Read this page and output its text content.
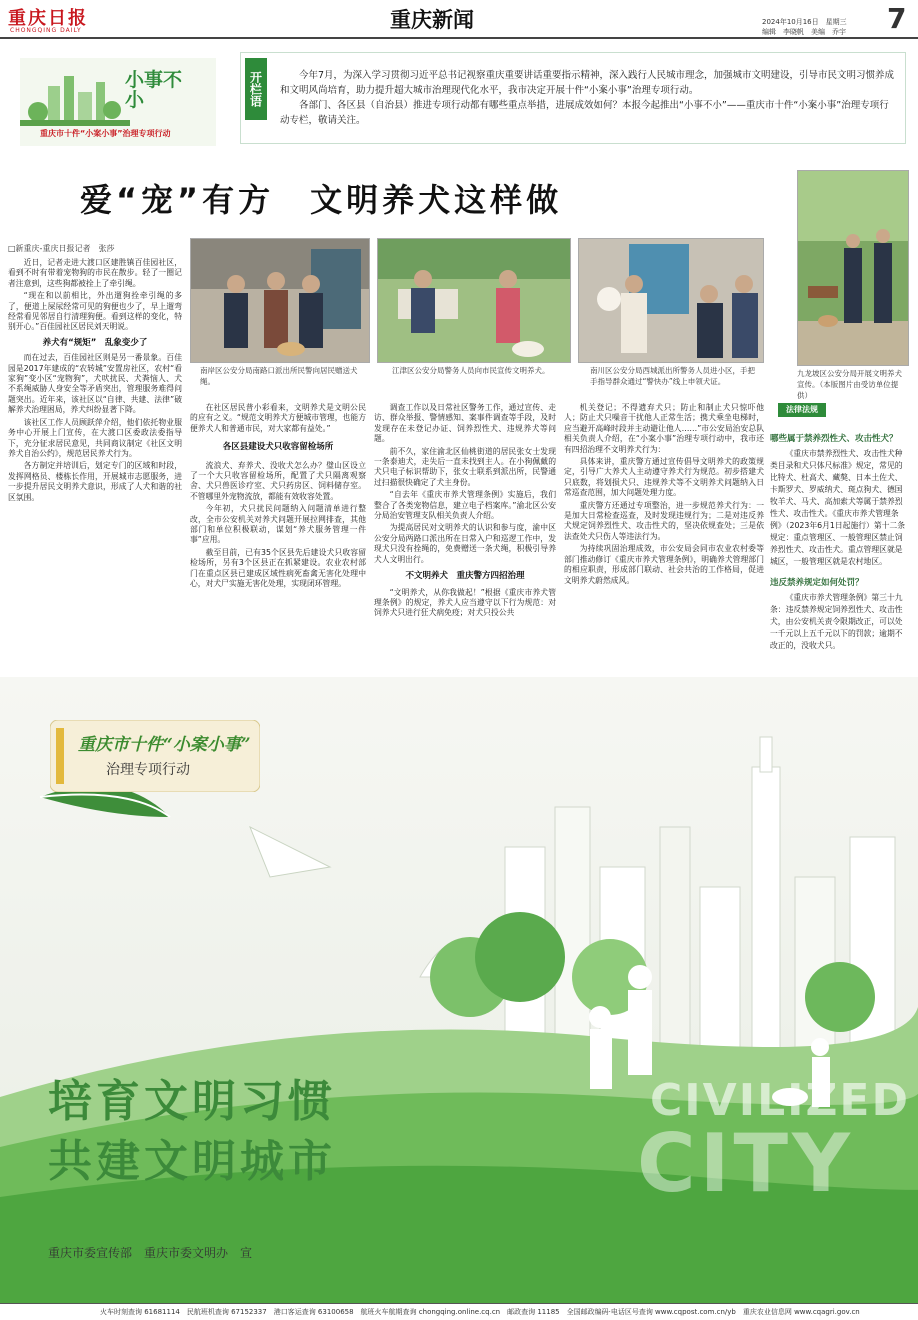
重庆日报
CHONGQING DAILY	重庆新闻	2024年10月16日　星期三
编辑　李晓帆　美编　乔宇 7
小事不小
重庆市十件“小案小事”治理专项行动
开栏语	今年7月，为深入学习贯彻习近平总书记视察重庆重要讲话重要指示精神，深入践行人民城市理念，加强城市文明建设，引导市民文明习惯养成和文明风尚培育，助力提升超大城市治理现代化水平，我市决定开展十件“小案小事”治理专项行动。

各部门、各区县（自治县）推进专项行动都有哪些重点举措，进展成效如何？本报今起推出“小事不小”——重庆市十件“小案小事”治理专项行动专栏，敬请关注。

爱“宠”有方　文明养犬这样做
南岸区公安分局南路口派出所民警向居民赠送犬绳。
江津区公安分局警务人员向市民宣传文明养犬。	南川区公安分局西城派出所警务人员进小区，手把手指导群众通过“警快办”线上申领犬证。
九龙坡区公安分局开展文明养犬宣传。（本版图片由受访单位提供）
□新重庆-重庆日报记者　张莎

近日，记者走进大渡口区建胜镇百佳园社区，看到不时有带着宠物狗的市民在散步。轻了一圈记者注意到，这些狗都被拴上了牵引绳。

“现在和以前相比，外出遛狗拴牵引绳的多了，便道上屎尿经常可见的狗便也少了，早上遛弯经常看见邻居自行清理狗便。看到这样的变化，特别开心。”百佳园社区居民刘天明说。

养犬有“规矩”　乱象变少了

而在过去，百佳园社区则是另一番景象。百佳园是2017年建成的“农转城”安置房社区，农村“看家狗”变小区“宠物狗”，犬吠扰民、犬粪恼人、犬不系绳威胁人身安全等矛盾突出，管理服务难得问题突出。近年来，该社区以“自律、共建、法律”破解养犬治理困局，养犬纠纷显著下降。

该社区工作人员顾跃萍介绍，他们依托物业服务中心开展上门宣传，在大渡口区委政法委指导下，充分征求居民意见，共同商议制定《社区文明养犬自治公约》，规范居民养犬行为。

各方制定并培训后，划定专门的区域和时段，发挥网格员、楼栋长作用，开展城市志愿服务，进一步提升居民文明养犬意识，形成了人犬和谐的社区氛围。

在社区居民普小彩看来，文明养犬是文明公民的应有之义。“规范文明养犬方便城市管理，也能方便养犬人和普通市民，对大家都有益处。”

各区县建设犬只收容留检场所

流浪犬、弃养犬、没收犬怎么办？璧山区设立了一个大只收容留检场所，配置了犬只隔离观察舍、犬只兽医诊疗室、犬只药房区、饲料储存室。不管哪里外宠物流放，都能有效收容处置。

今年初，犬只扰民问题纳入问题清单进行整改，全市公安机关对养犬问题开展拉网排查，其他部门和单位积极联动，谋划“养犬服务管理一件事”应用。

截至目前，已有35个区县先后建设犬只收容留检场所，另有3个区县正在抓紧建设。农业农村部门在重点区县已建成区域性病死畜禽无害化处理中心，对犬尸实施无害化处理，实现闭环管理。

调查工作以及日常社区警务工作，通过宣传、走访、群众举报、警情感知、案事件调查等手段，及时发现存在未登记办证、饲养烈性犬、违规养犬等问题。

前不久，家住渝北区仙桃街道的居民张女士发现一条泰迪犬，走失后一直未找到主人。在小狗佩戴的犬只电子标识帮助下，张女士联系到派出所，民警通过扫描很快确定了犬主身份。

“自去年《重庆市养犬管理条例》实施后，我们整合了各类宠物信息，建立电子档案库。”渝北区公安分局治安管理支队相关负责人介绍。

为提高居民对文明养犬的认识和参与度，渝中区公安分局两路口派出所在日常入户和巡逻工作中，发现犬只没有拴绳的，免费赠送一条犬绳，积极引导养犬人文明出行。

不文明养犬　重庆警方四招治理

“文明养犬，从你我做起！”根据《重庆市养犬管理条例》的规定，养犬人应当遵守以下行为规范：对饲养犬只进行狂犬病免疫；对犬只投公共

机关登记；不得遗弃犬只；防止和制止犬只惊吓他人；防止犬只噪音干扰他人正常生活；携犬乘坐电梯时，应当避开高峰时段并主动避让他人……”市公安局治安总队相关负责人介绍，在“小案小事”治理专项行动中，我市还有四招治理不文明养犬行为：

具体来讲，重庆警方通过宣传倡导文明养犬的政策规定，引导广大养犬人主动遵守养犬行为规范。初步搭建犬只底数，将划损犬只、违规养犬等不文明养犬问题纳入日常巡查范围，加大问题处理力度。

重庆警方还通过专项整治，进一步规范养犬行为：一是加大日常检查巡查，及时发现违规行为；二是对违反养犬规定饲养烈性犬、攻击性犬的，坚决依规查处；三是依法查处犬只伤人等违法行为。

为持续巩固治理成效，市公安局会同市农业农村委等部门推动修订《重庆市养犬管理条例》，明确养犬管理部门的相应职责，形成部门联动、社会共治的工作格局，促进文明养犬蔚然成风。

法律法规
哪些属于禁养烈性犬、攻击性犬？
《重庆市禁养烈性犬、攻击性犬种类目录和犬只体尺标准》规定，常见的比特犬、杜高犬、藏獒、日本土佐犬、卡斯罗犬、罗威纳犬、斑点狗犬、德国牧羊犬、马犬、高加索犬等属于禁养烈性犬、攻击性犬。《重庆市养犬管理条例》（2023年6月1日起施行）第十二条规定：重点管理区、一般管理区禁止饲养烈性犬、攻击性犬。重点管理区就是城区，一般管理区就是农村地区。
违反禁养规定如何处罚？
《重庆市养犬管理条例》第三十九条：违反禁养规定饲养烈性犬、攻击性犬，由公安机关责令限期改正，可以处一千元以上五千元以下的罚款；逾期不改正的，没收犬只。
重庆市十件“小案小事”
治理专项行动
培育文明习惯
共建文明城市
CIVILIZED
CITY
重庆市委宣传部　重庆市委文明办　宣
火车时刻查询 61681114　民航班机查询 67152337　港口客运查询 63100658　航班火车航期查询 chongqing.online.cq.cn　邮政查询 11185　全国邮政编码·电话区号查询 www.cqpost.com.cn/yb　重庆农业信息网 www.cqagri.gov.cn
